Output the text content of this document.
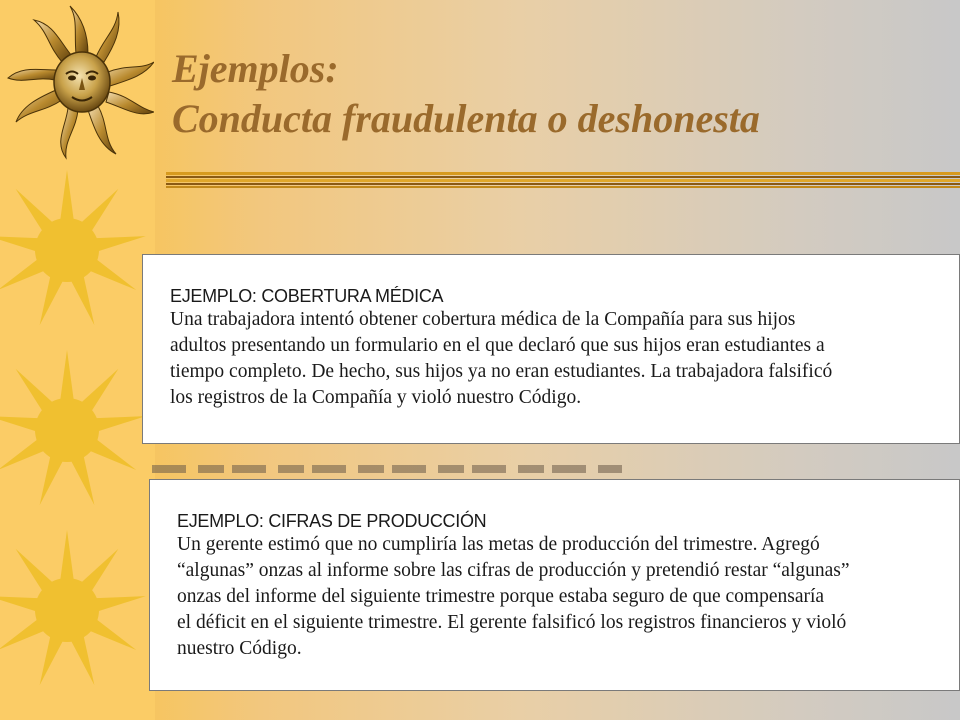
Ejemplos:
Conducta fraudulenta o deshonesta

EJEMPLO: COBERTURA MÉDICA

Una trabajadora intentó obtener cobertura médica de la Compañía para sus hijos
adultos presentando un formulario en el que declaró que sus hijos eran estudiantes a
tiempo completo. De hecho, sus hijos ya no eran estudiantes. La trabajadora falsificó
los registros de la Compañía y violó nuestro Código.

EJEMPLO: CIFRAS DE PRODUCCIÓN

Un gerente estimó que no cumpliría las metas de producción del trimestre. Agregó
“algunas” onzas al informe sobre las cifras de producción y pretendió restar “algunas”
onzas del informe del siguiente trimestre porque estaba seguro de que compensaría
el déficit en el siguiente trimestre. El gerente falsificó los registros financieros y violó
nuestro Código.
